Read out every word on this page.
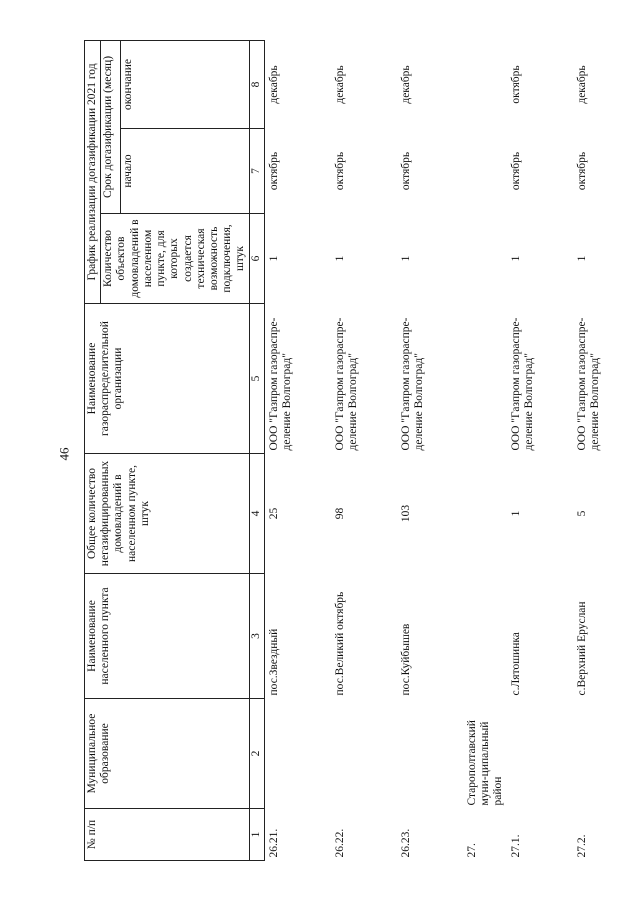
46
№ п/п	Муниципальное образование	Наименование населенного пункта	Общее количество негазифицированных домовладений в населенном пункте, штук	Наименование газораспределительной организации	График реализации догазификации 2021 год		
					Количество объектов домовладений в населенном пункте, для которых создается техническая возможность подключения, штук	Срок догазификации (месяц)	
						начало	окончание
1	2	3	4	5	6	7	8
26.21.		пос.Звездный	25	ООО "Газпром газораспре-деление Волгоград"	1	октябрь	декабрь
26.22.		пос.Великий октябрь	98	ООО "Газпром газораспре-деление Волгоград"	1	октябрь	декабрь
26.23.		пос.Куйбышев	103	ООО "Газпром газораспре-деление Волгоград"	1	октябрь	декабрь
27.	Старополтавский муни-ципальный район						
27.1.		с.Лятошинка	1	ООО "Газпром газораспре-деление Волгоград"	1	октябрь	октябрь
27.2.		с.Верхний Еруслан	5	ООО "Газпром газораспре-деление Волгоград"	1	октябрь	декабрь
